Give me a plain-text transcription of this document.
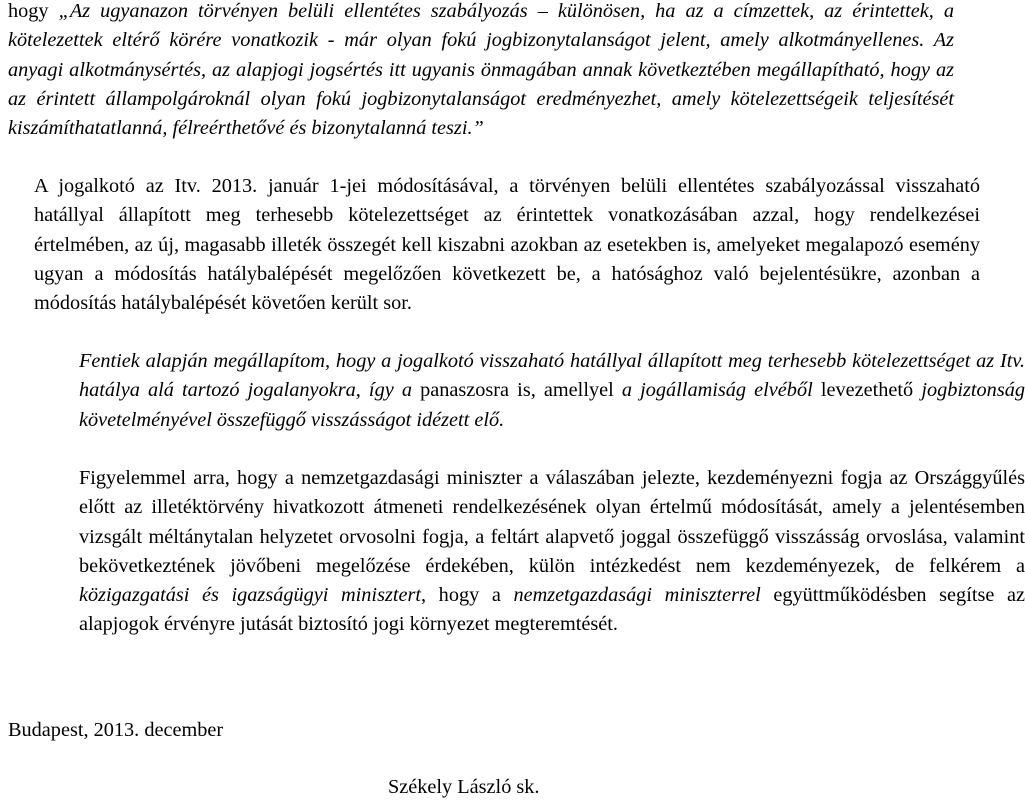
hogy „Az ugyanazon törvényen belüli ellentétes szabályozás – különösen, ha az a címzettek, az érintettek, a kötelezettek eltérő körére vonatkozik - már olyan fokú jogbizonytalanságot jelent, amely alkotmányellenes. Az anyagi alkotmánysértés, az alapjogi jogsértés itt ugyanis önmagában annak következtében megállapítható, hogy az az érintett állampolgároknál olyan fokú jogbizonytalanságot eredményezhet, amely kötelezettségeik teljesítését kiszámíthatatlanná, félreérthetővé és bizonytalanná teszi.”

A jogalkotó az Itv. 2013. január 1-jei módosításával, a törvényen belüli ellentétes szabályozással visszaható hatállyal állapított meg terhesebb kötelezettséget az érintettek vonatkozásában azzal, hogy rendelkezései értelmében, az új, magasabb illeték összegét kell kiszabni azokban az esetekben is, amelyeket megalapozó esemény ugyan a módosítás hatálybalépését megelőzően következett be, a hatósághoz való bejelentésükre, azonban a módosítás hatálybalépését követően került sor.

Fentiek alapján megállapítom, hogy a jogalkotó visszaható hatállyal állapított meg terhesebb kötelezettséget az Itv. hatálya alá tartozó jogalanyokra, így a panaszosra is, amellyel a jogállamiság elvéből levezethető jogbiztonság követelményével összefüggő visszásságot idézett elő.

Figyelemmel arra, hogy a nemzetgazdasági miniszter a válaszában jelezte, kezdeményezni fogja az Országgyűlés előtt az illetéktörvény hivatkozott átmeneti rendelkezésének olyan értelmű módosítását, amely a jelentésemben vizsgált méltánytalan helyzetet orvosolni fogja, a feltárt alapvető joggal összefüggő visszásság orvoslása, valamint bekövetkeztének jövőbeni megelőzése érdekében, külön intézkedést nem kezdeményezek, de felkérem a közigazgatási és igazságügyi minisztert, hogy a nemzetgazdasági miniszterrel együttműködésben segítse az alapjogok érvényre jutását biztosító jogi környezet megteremtését.

Budapest, 2013. december

Székely László sk.
